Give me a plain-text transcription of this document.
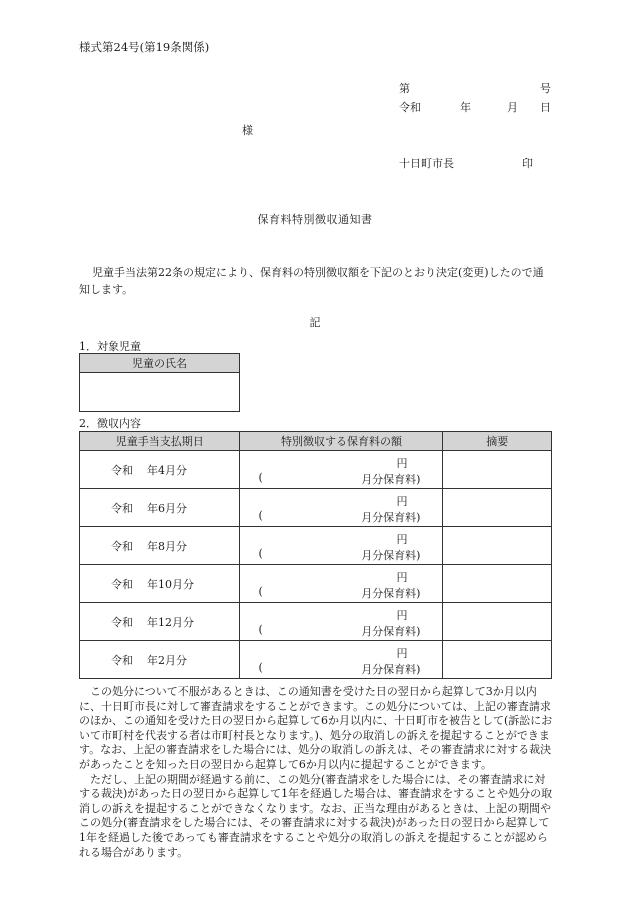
様式第24号(第19条関係)
第	号
令和	年	月 日
様
十日町市長	印
保育料特別徴収通知書
児童手当法第22条の規定により、保育料の特別徴収額を下記のとおり決定(変更)したので通知します。
記
1．対象児童
児童の氏名

2．徴収内容
児童手当支払期日	特別徴収する保育料の額	摘要
令和 年4月分	円
( 月分保育料)	

令和 年6月分	円
( 月分保育料)	

令和 年8月分	円
( 月分保育料)	

令和 年10月分	円
( 月分保育料)	

令和 年12月分	円
( 月分保育料)	

令和 年2月分	円
( 月分保育料)	

この処分について不服があるときは、この通知書を受けた日の翌日から起算して3か月以内に、十日町市長に対して審査請求をすることができます。この処分については、上記の審査請求のほか、この通知を受けた日の翌日から起算して6か月以内に、十日町市を被告として(訴訟において市町村を代表する者は市町村長となります。)、処分の取消しの訴えを提起することができます。なお、上記の審査請求をした場合には、処分の取消しの訴えは、その審査請求に対する裁決があったことを知った日の翌日から起算して6か月以内に提起することができます。

ただし、上記の期間が経過する前に、この処分(審査請求をした場合には、その審査請求に対する裁決)があった日の翌日から起算して1年を経過した場合は、審査請求をすることや処分の取消しの訴えを提起することができなくなります。なお、正当な理由があるときは、上記の期間やこの処分(審査請求をした場合には、その審査請求に対する裁決)があった日の翌日から起算して1年を経過した後であっても審査請求をすることや処分の取消しの訴えを提起することが認められる場合があります。
